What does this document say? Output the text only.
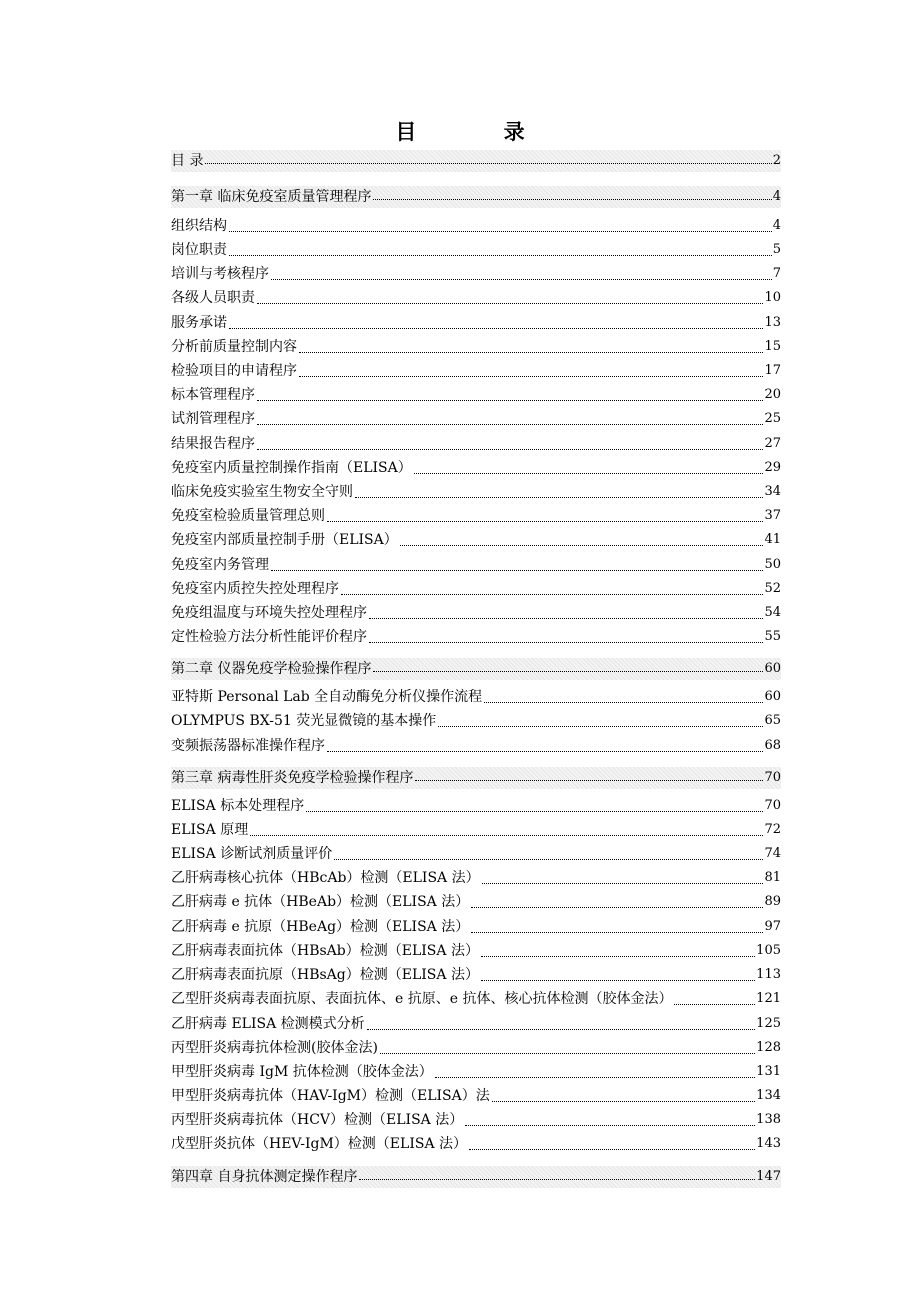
目 录
目 录	2
第一章 临床免疫室质量管理程序	4
组织结构	4
岗位职责	5
培训与考核程序	7
各级人员职责	10
服务承诺	13
分析前质量控制内容	15
检验项目的申请程序	17
标本管理程序	20
试剂管理程序	25
结果报告程序	27
免疫室内质量控制操作指南（ELISA）	29
临床免疫实验室生物安全守则	34
免疫室检验质量管理总则	37
免疫室内部质量控制手册（ELISA）	41
免疫室内务管理	50
免疫室内质控失控处理程序	52
免疫组温度与环境失控处理程序	54
定性检验方法分析性能评价程序	55
第二章 仪器免疫学检验操作程序	60
亚特斯 Personal Lab 全自动酶免分析仪操作流程	60
OLYMPUS BX-51 荧光显微镜的基本操作	65
变频振荡器标准操作程序	68
第三章 病毒性肝炎免疫学检验操作程序	70
ELISA 标本处理程序	70
ELISA 原理	72
ELISA 诊断试剂质量评价	74
乙肝病毒核心抗体（HBcAb）检测（ELISA 法）	81
乙肝病毒 e 抗体（HBeAb）检测（ELISA 法）	89
乙肝病毒 e 抗原（HBeAg）检测（ELISA 法）	97
乙肝病毒表面抗体（HBsAb）检测（ELISA 法）	105
乙肝病毒表面抗原（HBsAg）检测（ELISA 法）	113
乙型肝炎病毒表面抗原、表面抗体、e 抗原、e 抗体、核心抗体检测（胶体金法）	121
乙肝病毒 ELISA 检测模式分析	125
丙型肝炎病毒抗体检测(胶体金法)	128
甲型肝炎病毒 IgM 抗体检测（胶体金法）	131
甲型肝炎病毒抗体（HAV-IgM）检测（ELISA）法	134
丙型肝炎病毒抗体（HCV）检测（ELISA 法）	138
戊型肝炎抗体（HEV-IgM）检测（ELISA 法）	143
第四章 自身抗体测定操作程序	147
